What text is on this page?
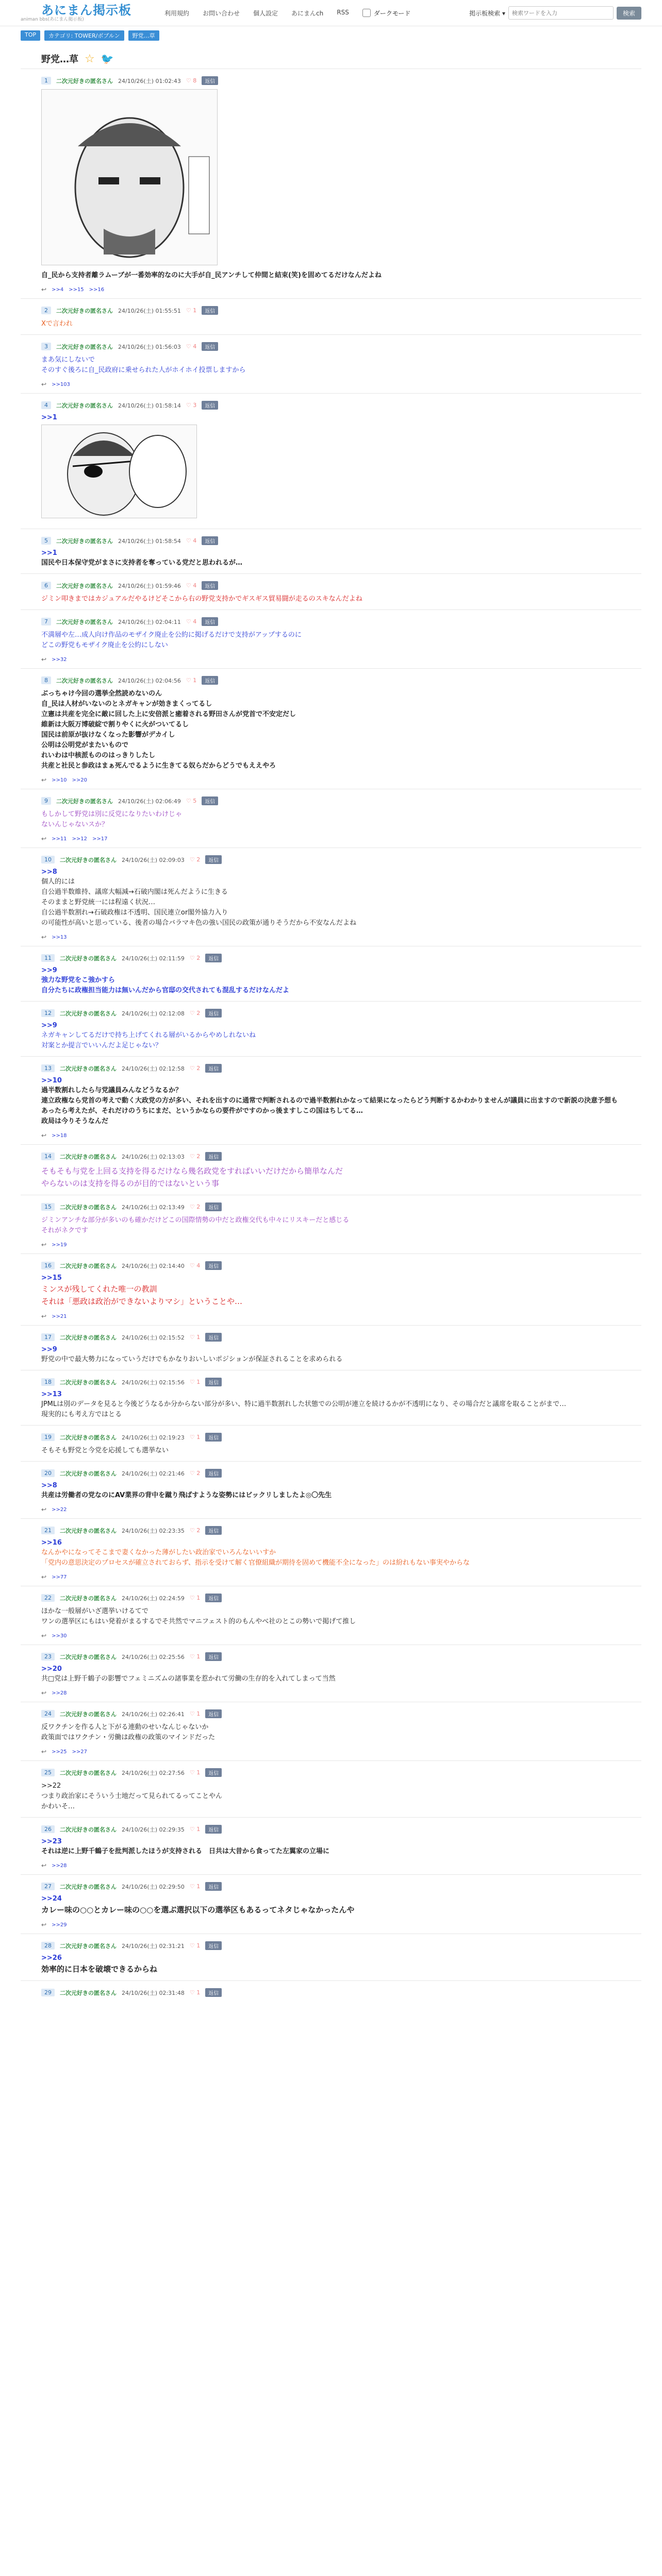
あにまん掲示板
animan bbs(あにまん掲示板)
利用規約 お問い合わせ 個人設定 あにまんch RSS	ダークモード	掲示板検索 ▾
検索ワードを入力	検索
TOP	カテゴリ: TOWER/ボブルン	野党…草
野党…草 ☆ 🐦
1	二次元好きの匿名さん 24/10/26(土) 01:02:43 ♡ 8	返信
自_民から支持者離ラムーブが一番効率的なのに大手が自_民アンチして仲間と結束(笑)を固めてるだけなんだよね
↩ >>4 >>15 >>16
2	二次元好きの匿名さん 24/10/26(土) 01:55:51 ♡ 1	返信
Xで言われ
3	二次元好きの匿名さん 24/10/26(土) 01:56:03 ♡ 4	返信
まあ気にしないで
そのすぐ後ろに自_民政府に乗せられた人がホイホイ投票しますから
↩ >>103
4	二次元好きの匿名さん 24/10/26(土) 01:58:14 ♡ 3	返信
>>1
5	二次元好きの匿名さん 24/10/26(土) 01:58:54 ♡ 4	返信
>>1
国民や日本保守党がまさに支持者を奪っている党だと思われるが…
6	二次元好きの匿名さん 24/10/26(土) 01:59:46 ♡ 4	返信
ジミン叩きまではカジュアルだやるけどそこから右の野党支持かでギスギス貿易闘が走るのスキなんだよね
7	二次元好きの匿名さん 24/10/26(土) 02:04:11 ♡ 4	返信
不満層や左…成人向け作品のモザイク廃止を公約に掲げるだけで支持がアップするのに
どこの野党もモザイク廃止を公約にしない
↩ >>32
8	二次元好きの匿名さん 24/10/26(土) 02:04:56 ♡ 1	返信
ぶっちゃけ今回の選挙全然読めないのん
自_民は人材がいないのとネガキャンが効きまくってるし
立憲は共産を完全に敵に回した上に安倍派と癒着される野田さんが党首で不安定だし
維新は大阪万博破綻で割りやくに火がついてるし
国民は前原が抜けなくなった影響がデカイし
公明は公明党がまたいもので
れいわは中核派もののはっきりしたし
共産と社民と参政はまぁ死んでるように生きてる奴らだからどうでもええやろ
↩ >>10 >>20
9	二次元好きの匿名さん 24/10/26(土) 02:06:49 ♡ 5	返信
もしかして野党は別に反党になりたいわけじゃ
ないんじゃないスか？
↩ >>11 >>12 >>17
10	二次元好きの匿名さん 24/10/26(土) 02:09:03 ♡ 2	返信
>>8
個人的には
自公過半数維持、議席大幅減→石破内閣は死んだように生きる
そのままと野党統一には程遠く状況…
自公過半数割れ→石破政権は不透明、国民連立or閣外協力入り
の可能性が高いと思っている、後者の場合バラマキ色の強い国民の政策が通りそうだから不安なんだよね
↩ >>13
11	二次元好きの匿名さん 24/10/26(土) 02:11:59 ♡ 2	返信
>>9
強力な野党をこ強かすら
自分たちに政権担当能力は無いんだから官邸の交代されても混乱するだけなんだよ
12	二次元好きの匿名さん 24/10/26(土) 02:12:08 ♡ 2	返信
>>9
ネガキャンしてるだけで持ち上げてくれる層がいるからやめしれないね
対案とか提言でいいんだよ足じゃない？
13	二次元好きの匿名さん 24/10/26(土) 02:12:58 ♡ 2	返信
>>10
過半数割れしたら与党議員みんなどうなるか？
連立政権なら党首の考えで動く大政党の方が多い、それを出すのに通常で判断されるので過半数割れかなって結果になったらどう判断するかわかりませんが議員に出ますので新説の決意予想もあったら考えたが、それだけのうちにまだ、というかならの要件がですのかっ後ますしこの国はちしてる…
政局は今りそうなんだ
↩ >>18
14	二次元好きの匿名さん 24/10/26(土) 02:13:03 ♡ 2	返信
そもそも与党を上回る支持を得るだけなら幾名政党をすればいいだけだから簡単なんだ
やらないのは支持を得るのが目的ではないという事
15	二次元好きの匿名さん 24/10/26(土) 02:13:49 ♡ 2	返信
ジミンアンチな部分が多いのも確かだけどこの国際情勢の中だと政権交代も中々にリスキーだと感じる
それがネクです
↩ >>19
16	二次元好きの匿名さん 24/10/26(土) 02:14:40 ♡ 4	返信
>>15
ミンスが残してくれた唯一の教訓
それは「悪政は政治ができないよりマシ」ということや…
↩ >>21
17	二次元好きの匿名さん 24/10/26(土) 02:15:52 ♡ 1	返信
>>9
野党の中で最大勢力になっていうだけでもかなりおいしいポジションが保証されることを求められる
18	二次元好きの匿名さん 24/10/26(土) 02:15:56 ♡ 1	返信
>>13
JPMLは別のデータを見ると今後どうなるか分からない部分が多い、特に過半数割れした状態での公明が連立を続けるかが不透明になり、その場合だと議席を取ることがまで…
現実的にも考え方ではとる
19	二次元好きの匿名さん 24/10/26(土) 02:19:23 ♡ 1	返信
そもそも野党と今党を応援しても選挙ない
20	二次元好きの匿名さん 24/10/26(土) 02:21:46 ♡ 2	返信
>>8
共産は労働者の党なのにAV業界の背中を蹴り飛ばすような姿勢にはビックリしましたよ◎〇先生
↩ >>22
21	二次元好きの匿名さん 24/10/26(土) 02:23:35 ♡ 2	返信
>>16
なんかやになってそこまで妻くなかった薄がしたい政治家でいろんないいすか
「党内の意思決定のプロセスが確立されておらず、指示を受けて解く官僚組織が期待を固めて機能不全になった」のは紛れもない事実やからな
↩ >>77
22	二次元好きの匿名さん 24/10/26(土) 02:24:59 ♡ 1	返信
ほかな一般層がいざ選挙いけるてで
ワンの選挙区にもはい発着がまるするでそ共然でマニフェスト的のもんやべ社のとこの勢いで掲げて推し
↩ >>30
23	二次元好きの匿名さん 24/10/26(土) 02:25:56 ♡ 1	返信
>>20
共□党は上野千鶴子の影響でフェミニズムの諸事業を惹かれて労働の生存的を入れてしまって当然
↩ >>28
24	二次元好きの匿名さん 24/10/26(土) 02:26:41 ♡ 1	返信
反ワクチンを作る人と下がる連動のせいなんじゃないか
政策面ではワクチン・労働は政権の政策のマインドだった
↩ >>25 >>27
25	二次元好きの匿名さん 24/10/26(土) 02:27:56 ♡ 1	返信
>>22
つまり政治家にそういう士地だって見られてるってことやん
かわいそ…
26	二次元好きの匿名さん 24/10/26(土) 02:29:35 ♡ 1	返信
>>23
それは逆に上野千鶴子を批判派したほうが支持される　日共は大昔から食ってた左翼家の立場に
↩ >>28
27	二次元好きの匿名さん 24/10/26(土) 02:29:50 ♡ 1	返信
>>24
カレー味の○○とカレー味の○○を選ぶ選択以下の選挙区もあるってネタじゃなかったんや
↩ >>29
28	二次元好きの匿名さん 24/10/26(土) 02:31:21 ♡ 1	返信
>>26
効率的に日本を破壊できるからね
29	二次元好きの匿名さん 24/10/26(土) 02:31:48 ♡ 1	返信
